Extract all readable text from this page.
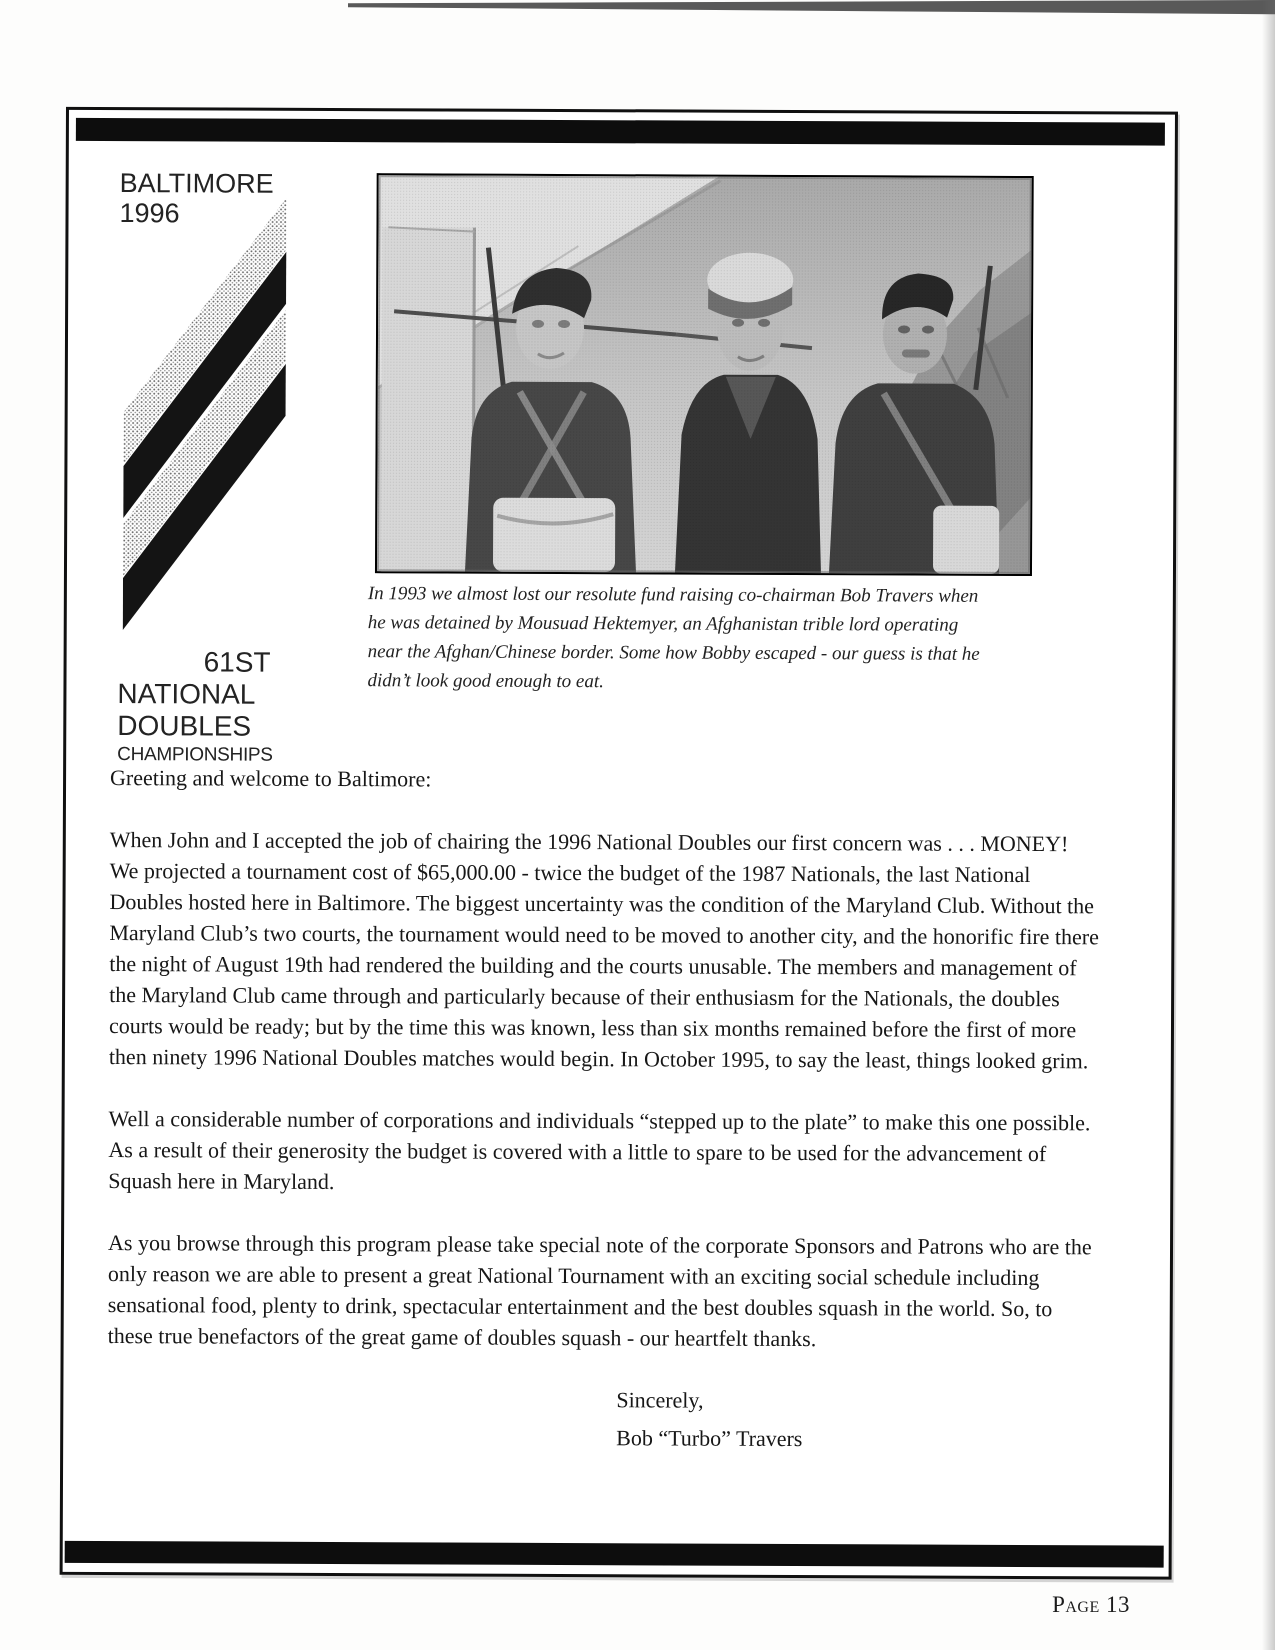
BALTIMORE
1996
61ST
NATIONAL
DOUBLES
CHAMPIONSHIPS

In 1993 we almost lost our resolute fund raising co-chairman Bob Travers when he was detained by Mousuad Hektemyer, an Afghanistan trible lord operating near the Afghan/Chinese border. Some how Bobby escaped - our guess is that he didn’t look good enough to eat.

Greeting and welcome to Baltimore:

When John and I accepted the job of chairing the 1996 National Doubles our first concern was . . . MONEY! We projected a tournament cost of $65,000.00 - twice the budget of the 1987 Nationals, the last National Doubles hosted here in Baltimore. The biggest uncertainty was the condition of the Maryland Club. Without the Maryland Club’s two courts, the tournament would need to be moved to another city, and the honorific fire there the night of August 19th had rendered the building and the courts unusable. The members and management of the Maryland Club came through and particularly because of their enthusiasm for the Nationals, the doubles courts would be ready; but by the time this was known, less than six months remained before the first of more then ninety 1996 National Doubles matches would begin. In October 1995, to say the least, things looked grim.

Well a considerable number of corporations and individuals “stepped up to the plate” to make this one possible. As a result of their generosity the budget is covered with a little to spare to be used for the advancement of Squash here in Maryland.

As you browse through this program please take special note of the corporate Sponsors and Patrons who are the only reason we are able to present a great National Tournament with an exciting social schedule including sensational food, plenty to drink, spectacular entertainment and the best doubles squash in the world. So, to these true benefactors of the great game of doubles squash - our heartfelt thanks.

Sincerely,

Bob “Turbo” Travers

Page 13
